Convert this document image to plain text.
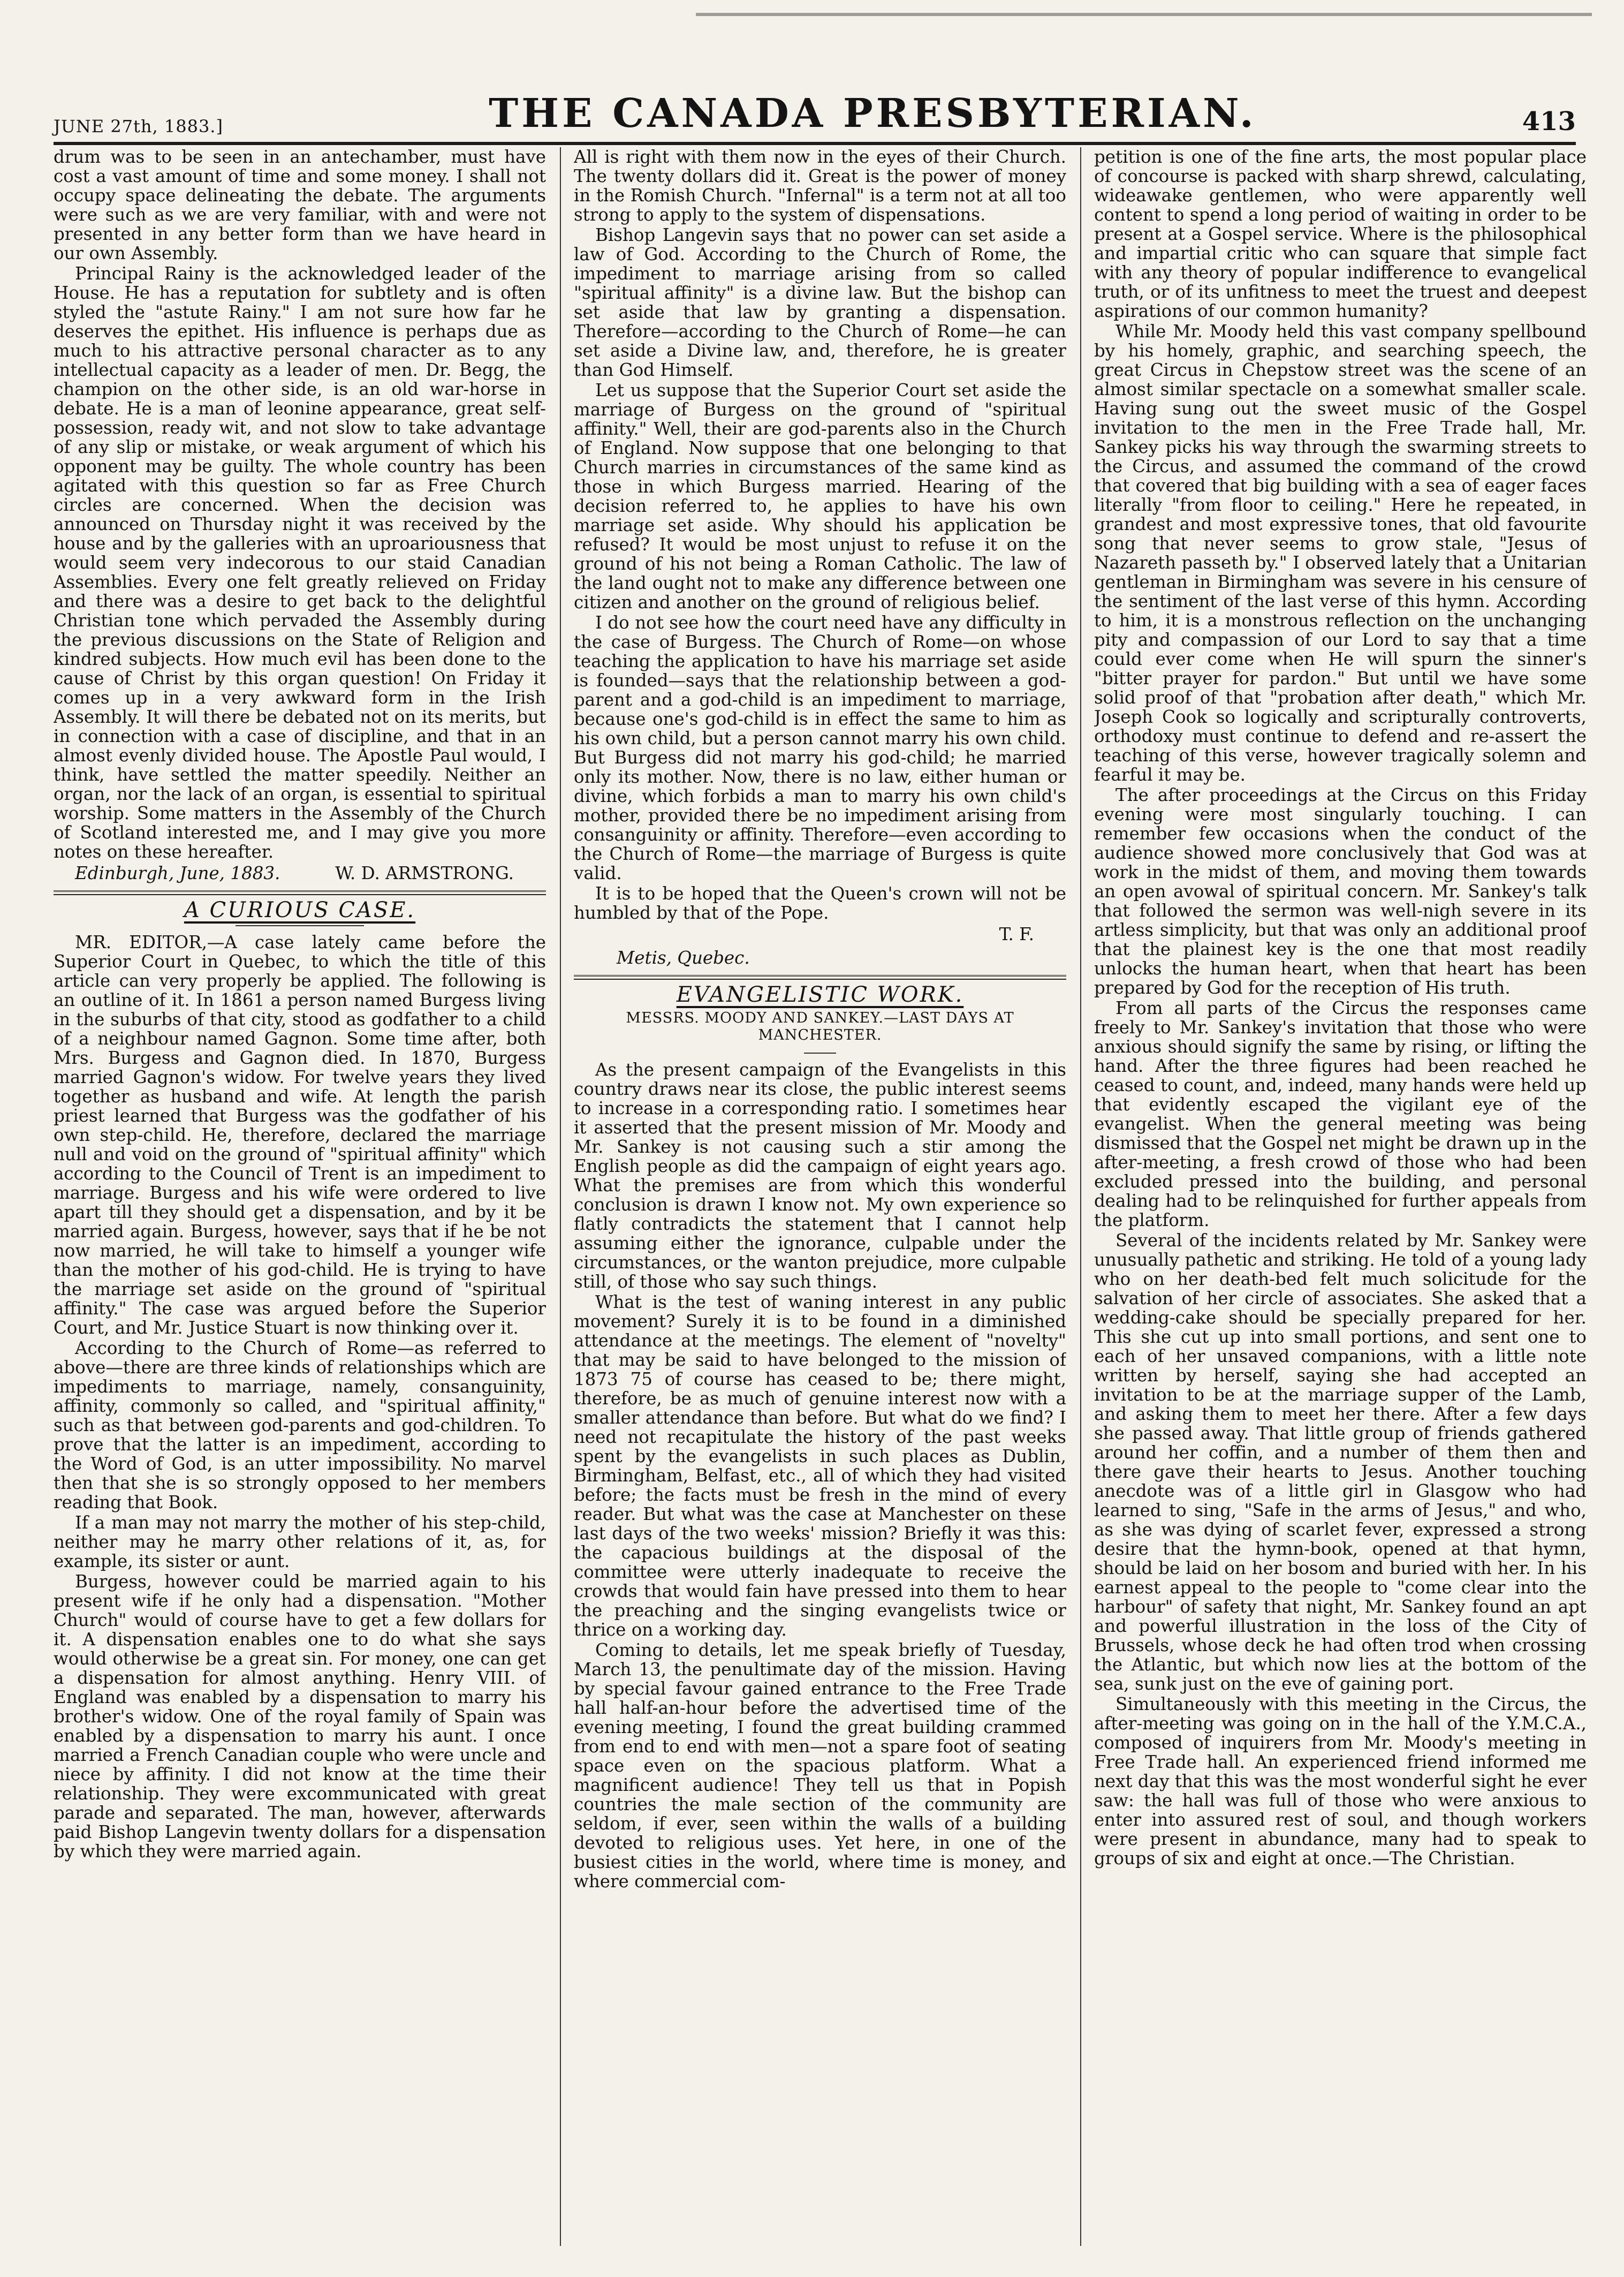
JUNE 27th, 1883.]	THE CANADA PRESBYTERIAN.	413

drum was to be seen in an antechamber, must have cost a vast amount of time and some money. I shall not occupy space delineating the debate. The arguments were such as we are very familiar, with and were not presented in any better form than we have heard in our own Assembly.

Principal Rainy is the acknowledged leader of the House. He has a reputation for subtlety and is often styled the "astute Rainy." I am not sure how far he deserves the epithet. His influence is perhaps due as much to his attractive personal character as to any intellectual capacity as a leader of men. Dr. Begg, the champion on the other side, is an old war-horse in debate. He is a man of leonine appearance, great self-possession, ready wit, and not slow to take advantage of any slip or mistake, or weak argument of which his opponent may be guilty. The whole country has been agitated with this question so far as Free Church circles are concerned. When the decision was announced on Thursday night it was received by the house and by the galleries with an uproariousness that would seem very indecorous to our staid Canadian Assemblies. Every one felt greatly relieved on Friday and there was a desire to get back to the delightful Christian tone which pervaded the Assembly during the previous discussions on the State of Religion and kindred subjects. How much evil has been done to the cause of Christ by this organ question! On Friday it comes up in a very awkward form in the Irish Assembly. It will there be debated not on its merits, but in connection with a case of discipline, and that in an almost evenly divided house. The Apostle Paul would, I think, have settled the matter speedily. Neither an organ, nor the lack of an organ, is essential to spiritual worship. Some matters in the Assembly of the Church of Scotland interested me, and I may give you more notes on these hereafter.

Edinburgh, June, 1883.	W. D. ARMSTRONG.
A CURIOUS CASE.

MR. EDITOR,—A case lately came before the Superior Court in Quebec, to which the title of this article can very properly be applied. The following is an outline of it. In 1861 a person named Burgess living in the suburbs of that city, stood as godfather to a child of a neighbour named Gagnon. Some time after, both Mrs. Burgess and Gagnon died. In 1870, Burgess married Gagnon's widow. For twelve years they lived together as husband and wife. At length the parish priest learned that Burgess was the godfather of his own step-child. He, therefore, declared the marriage null and void on the ground of "spiritual affinity" which according to the Council of Trent is an impediment to marriage. Burgess and his wife were ordered to live apart till they should get a dispensation, and by it be married again. Burgess, however, says that if he be not now married, he will take to himself a younger wife than the mother of his god-child. He is trying to have the marriage set aside on the ground of "spiritual affinity." The case was argued before the Superior Court, and Mr. Justice Stuart is now thinking over it.

According to the Church of Rome—as referred to above—there are three kinds of relationships which are impediments to marriage, namely, consanguinity, affinity, commonly so called, and "spiritual affinity," such as that between god-parents and god-children. To prove that the latter is an impediment, according to the Word of God, is an utter impossibility. No marvel then that she is so strongly opposed to her members reading that Book.

If a man may not marry the mother of his step-child, neither may he marry other relations of it, as, for example, its sister or aunt.

Burgess, however could be married again to his present wife if he only had a dispensation. "Mother Church" would of course have to get a few dollars for it. A dispensation enables one to do what she says would otherwise be a great sin. For money, one can get a dispensation for almost anything. Henry VIII. of England was enabled by a dispensation to marry his brother's widow. One of the royal family of Spain was enabled by a dispensation to marry his aunt. I once married a French Canadian couple who were uncle and niece by affinity. I did not know at the time their relationship. They were excommunicated with great parade and separated. The man, however, afterwards paid Bishop Langevin twenty dollars for a dispensation by which they were married again.

All is right with them now in the eyes of their Church. The twenty dollars did it. Great is the power of money in the Romish Church. "Infernal" is a term not at all too strong to apply to the system of dispensations.

Bishop Langevin says that no power can set aside a law of God. According to the Church of Rome, the impediment to marriage arising from so called "spiritual affinity" is a divine law. But the bishop can set aside that law by granting a dispensation. Therefore—according to the Church of Rome—he can set aside a Divine law, and, therefore, he is greater than God Himself.

Let us suppose that the Superior Court set aside the marriage of Burgess on the ground of "spiritual affinity." Well, their are god-parents also in the Church of England. Now suppose that one belonging to that Church marries in circumstances of the same kind as those in which Burgess married. Hearing of the decision referred to, he applies to have his own marriage set aside. Why should his application be refused? It would be most unjust to refuse it on the ground of his not being a Roman Catholic. The law of the land ought not to make any difference between one citizen and another on the ground of religious belief.

I do not see how the court need have any difficulty in the case of Burgess. The Church of Rome—on whose teaching the application to have his marriage set aside is founded—says that the relationship between a god-parent and a god-child is an impediment to marriage, because one's god-child is in effect the same to him as his own child, but a person cannot marry his own child. But Burgess did not marry his god-child; he married only its mother. Now, there is no law, either human or divine, which forbids a man to marry his own child's mother, provided there be no impediment arising from consanguinity or affinity. Therefore—even according to the Church of Rome—the marriage of Burgess is quite valid.

It is to be hoped that the Queen's crown will not be humbled by that of the Pope.

T. F.
Metis, Quebec.
EVANGELISTIC WORK.
MESSRS. MOODY AND SANKEY.—LAST DAYS AT MANCHESTER.

As the present campaign of the Evangelists in this country draws near its close, the public interest seems to increase in a corresponding ratio. I sometimes hear it asserted that the present mission of Mr. Moody and Mr. Sankey is not causing such a stir among the English people as did the campaign of eight years ago. What the premises are from which this wonderful conclusion is drawn I know not. My own experience so flatly contradicts the statement that I cannot help assuming either the ignorance, culpable under the circumstances, or the wanton prejudice, more culpable still, of those who say such things.

What is the test of waning interest in any public movement? Surely it is to be found in a diminished attendance at the meetings. The element of "novelty" that may be said to have belonged to the mission of 1873 75 of course has ceased to be; there might, therefore, be as much of genuine interest now with a smaller attendance than before. But what do we find? I need not recapitulate the history of the past weeks spent by the evangelists in such places as Dublin, Birmingham, Belfast, etc., all of which they had visited before; the facts must be fresh in the mind of every reader. But what was the case at Manchester on these last days of the two weeks' mission? Briefly it was this: the capacious buildings at the disposal of the committee were utterly inadequate to receive the crowds that would fain have pressed into them to hear the preaching and the singing evangelists twice or thrice on a working day.

Coming to details, let me speak briefly of Tuesday, March 13, the penultimate day of the mission. Having by special favour gained entrance to the Free Trade hall half-an-hour before the advertised time of the evening meeting, I found the great building crammed from end to end with men—not a spare foot of seating space even on the spacious platform. What a magnificent audience! They tell us that in Popish countries the male section of the community are seldom, if ever, seen within the walls of a building devoted to religious uses. Yet here, in one of the busiest cities in the world, where time is money, and where commercial com-

petition is one of the fine arts, the most popular place of concourse is packed with sharp shrewd, calculating, wideawake gentlemen, who were apparently well content to spend a long period of waiting in order to be present at a Gospel service. Where is the philosophical and impartial critic who can square that simple fact with any theory of popular indifference to evangelical truth, or of its unfitness to meet the truest and deepest aspirations of our common humanity?

While Mr. Moody held this vast company spellbound by his homely, graphic, and searching speech, the great Circus in Chepstow street was the scene of an almost similar spectacle on a somewhat smaller scale. Having sung out the sweet music of the Gospel invitation to the men in the Free Trade hall, Mr. Sankey picks his way through the swarming streets to the Circus, and assumed the command of the crowd that covered that big building with a sea of eager faces literally "from floor to ceiling." Here he repeated, in grandest and most expressive tones, that old favourite song that never seems to grow stale, "Jesus of Nazareth passeth by." I observed lately that a Unitarian gentleman in Birmingham was severe in his censure of the sentiment of the last verse of this hymn. According to him, it is a monstrous reflection on the unchanging pity and compassion of our Lord to say that a time could ever come when He will spurn the sinner's "bitter prayer for pardon." But until we have some solid proof of that "probation after death," which Mr. Joseph Cook so logically and scripturally controverts, orthodoxy must continue to defend and re-assert the teaching of this verse, however tragically solemn and fearful it may be.

The after proceedings at the Circus on this Friday evening were most singularly touching. I can remember few occasions when the conduct of the audience showed more conclusively that God was at work in the midst of them, and moving them towards an open avowal of spiritual concern. Mr. Sankey's talk that followed the sermon was well-nigh severe in its artless simplicity, but that was only an additional proof that the plainest key is the one that most readily unlocks the human heart, when that heart has been prepared by God for the reception of His truth.

From all parts of the Circus the responses came freely to Mr. Sankey's invitation that those who were anxious should signify the same by rising, or lifting the hand. After the three figures had been reached he ceased to count, and, indeed, many hands were held up that evidently escaped the vigilant eye of the evangelist. When the general meeting was being dismissed that the Gospel net might be drawn up in the after-meeting, a fresh crowd of those who had been excluded pressed into the building, and personal dealing had to be relinquished for further appeals from the platform.

Several of the incidents related by Mr. Sankey were unusually pathetic and striking. He told of a young lady who on her death-bed felt much solicitude for the salvation of her circle of associates. She asked that a wedding-cake should be specially prepared for her. This she cut up into small portions, and sent one to each of her unsaved companions, with a little note written by herself, saying she had accepted an invitation to be at the marriage supper of the Lamb, and asking them to meet her there. After a few days she passed away. That little group of friends gathered around her coffin, and a number of them then and there gave their hearts to Jesus. Another touching anecdote was of a little girl in Glasgow who had learned to sing, "Safe in the arms of Jesus," and who, as she was dying of scarlet fever, expressed a strong desire that the hymn-book, opened at that hymn, should be laid on her bosom and buried with her. In his earnest appeal to the people to "come clear into the harbour" of safety that night, Mr. Sankey found an apt and powerful illustration in the loss of the City of Brussels, whose deck he had often trod when crossing the Atlantic, but which now lies at the bottom of the sea, sunk just on the eve of gaining port.

Simultaneously with this meeting in the Circus, the after-meeting was going on in the hall of the Y.M.C.A., composed of inquirers from Mr. Moody's meeting in Free Trade hall. An experienced friend informed me next day that this was the most wonderful sight he ever saw: the hall was full of those who were anxious to enter into assured rest of soul, and though workers were present in abundance, many had to speak to groups of six and eight at once.—The Christian.
